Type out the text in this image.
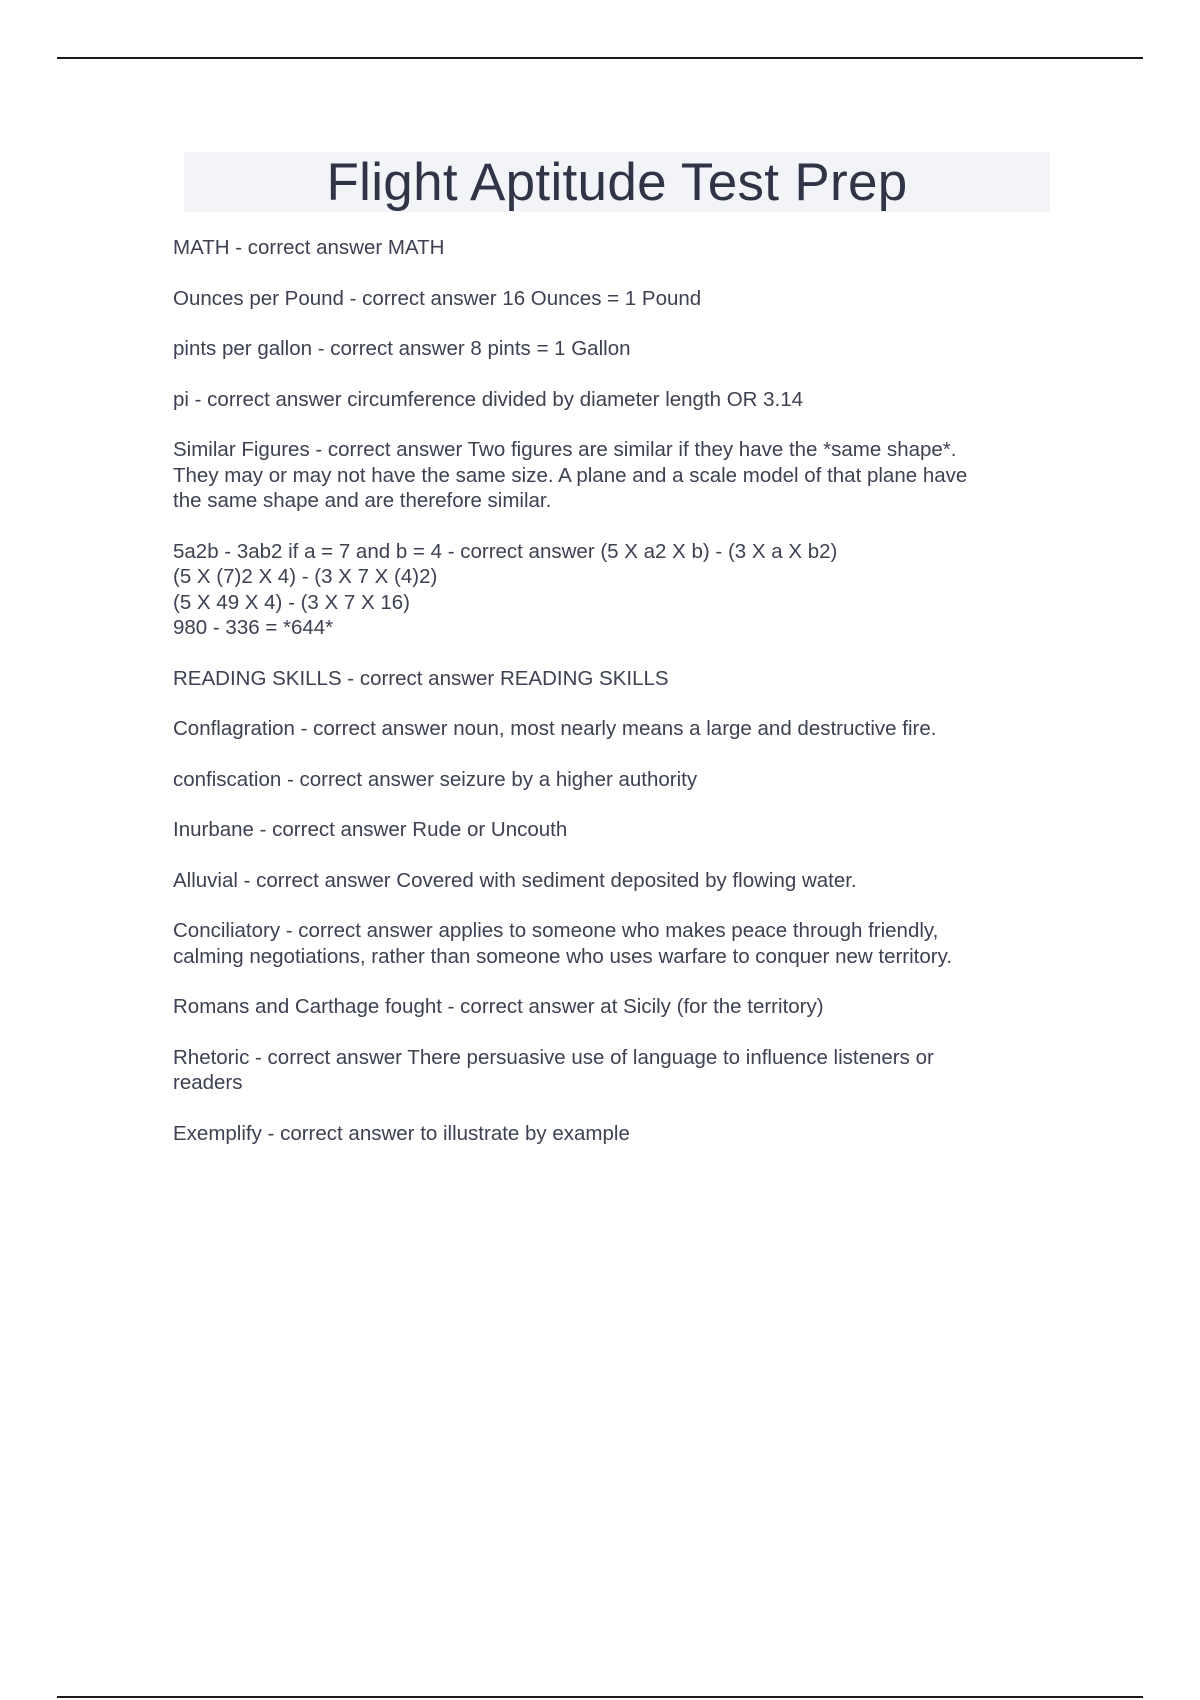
Flight Aptitude Test Prep

MATH - correct answer MATH

Ounces per Pound - correct answer 16 Ounces = 1 Pound

pints per gallon - correct answer 8 pints = 1 Gallon

pi - correct answer circumference divided by diameter length OR 3.14

Similar Figures - correct answer Two figures are similar if they have the *same shape*.
They may or may not have the same size. A plane and a scale model of that plane have
the same shape and are therefore similar.

5a2b - 3ab2 if a = 7 and b = 4 - correct answer (5 X a2 X b) - (3 X a X b2)
(5 X (7)2 X 4) - (3 X 7 X (4)2)
(5 X 49 X 4) - (3 X 7 X 16)
980 - 336 = *644*

READING SKILLS - correct answer READING SKILLS

Conflagration - correct answer noun, most nearly means a large and destructive fire.

confiscation - correct answer seizure by a higher authority

Inurbane - correct answer Rude or Uncouth

Alluvial - correct answer Covered with sediment deposited by flowing water.

Conciliatory - correct answer applies to someone who makes peace through friendly,
calming negotiations, rather than someone who uses warfare to conquer new territory.

Romans and Carthage fought - correct answer at Sicily (for the territory)

Rhetoric - correct answer There persuasive use of language to influence listeners or
readers

Exemplify - correct answer to illustrate by example
